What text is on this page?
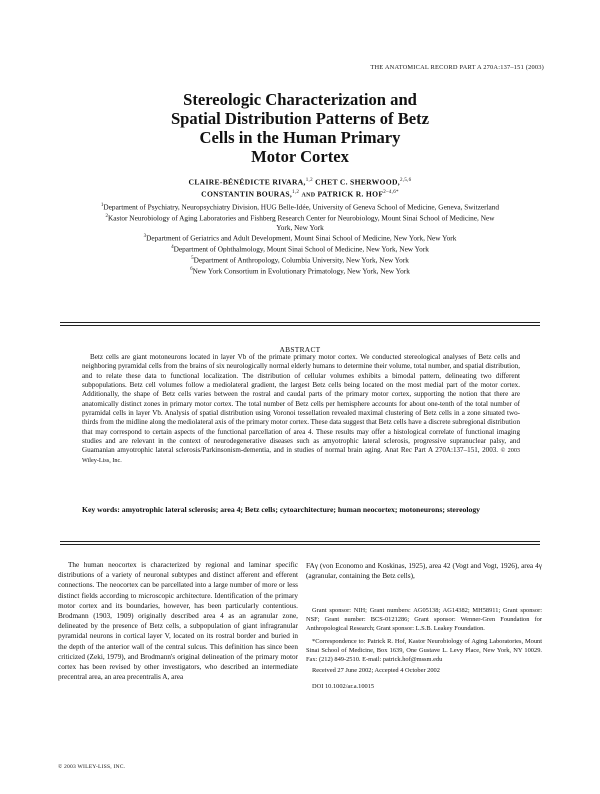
THE ANATOMICAL RECORD PART A 270A:137–151 (2003)
Stereologic Characterization and
Spatial Distribution Patterns of Betz
Cells in the Human Primary
Motor Cortex
CLAIRE-BÉNÉDICTE RIVARA,$^{1,2}$ CHET C. SHERWOOD,$^{2,5,6}$
CONSTANTIN BOURAS,$^{1,2}$ AND PATRICK R. $HOF^{2-4,6*}$
$^1$Department of Psychiatry, Neuropsychiatry Division, HUG Belle-Idée, University of Geneva School of Medicine, Geneva, Switzerland
$^2$Kastor Neurobiology of Aging Laboratories and Fishberg Research Center for Neurobiology, Mount Sinai School of Medicine, New York, New York
$^3$Department of Geriatrics and Adult Development, Mount Sinai School of Medicine, New York, New York
$^4$Department of Ophthalmology, Mount Sinai School of Medicine, New York, New York
$^5$Department of Anthropology, Columbia University, New York, New York
$^6$New York Consortium in Evolutionary Primatology, New York, New York
ABSTRACT
Betz cells are giant motoneurons located in layer Vb of the primate primary motor cortex. We conducted stereological analyses of Betz cells and neighboring pyramidal cells from the brains of six neurologically normal elderly humans to determine their volume, total number, and spatial distribution, and to relate these data to functional localization. The distribution of cellular volumes exhibits a bimodal pattern, delineating two different subpopulations. Betz cell volumes follow a mediolateral gradient, the largest Betz cells being located on the most medial part of the motor cortex. Additionally, the shape of Betz cells varies between the rostral and caudal parts of the primary motor cortex, supporting the notion that there are anatomically distinct zones in primary motor cortex. The total number of Betz cells per hemisphere accounts for about one-tenth of the total number of pyramidal cells in layer Vb. Analysis of spatial distribution using Voronoi tessellation revealed maximal clustering of Betz cells in a zone situated two-thirds from the midline along the mediolateral axis of the primary motor cortex. These data suggest that Betz cells have a discrete subregional distribution that may correspond to certain aspects of the functional parcellation of area 4. These results may offer a histological correlate of functional imaging studies and are relevant in the context of neurodegenerative diseases such as amyotrophic lateral sclerosis, progressive supranuclear palsy, and Guamanian amyotrophic lateral sclerosis/Parkinsonism-dementia, and in studies of normal brain aging. Anat Rec Part A 270A:137–151, 2003. © 2003 Wiley-Liss, Inc.
Key words: amyotrophic lateral sclerosis; area 4; Betz cells; cytoarchitecture; human neocortex; motoneurons; stereology
The human neocortex is characterized by regional and laminar specific distributions of a variety of neuronal subtypes and distinct afferent and efferent connections. The neocortex can be parcellated into a large number of more or less distinct fields according to microscopic architecture. Identification of the primary motor cortex and its boundaries, however, has been particularly contentious. Brodmann (1903, 1909) originally described area 4 as an agranular zone, delineated by the presence of Betz cells, a subpopulation of giant infragranular pyramidal neurons in cortical layer V, located on its rostral border and buried in the depth of the anterior wall of the central sulcus. This definition has since been criticized (Zeki, 1979), and Brodmann's original delineation of the primary motor cortex has been revised by other investigators, who described an intermediate precentral area, an area precentralis A, area
FAγ (von Economo and Koskinas, 1925), area 42 (Vogt and Vogt, 1926), area 4γ (agranular, containing the Betz cells),

Grant sponsor: NIH; Grant numbers: AG05138; AG14382; MH58911; Grant sponsor: NSF; Grant number: BCS-0121286; Grant sponsor: Wenner-Gren Foundation for Anthropological Research; Grant sponsor: L.S.B. Leakey Foundation.

*Correspondence to: Patrick R. Hof, Kastor Neurobiology of Aging Laboratories, Mount Sinai School of Medicine, Box 1639, One Gustave L. Levy Place, New York, NY 10029. Fax: (212) 849-2510. E-mail: patrick.hof@mssm.edu

Received 27 June 2002; Accepted 4 October 2002

DOI 10.1002/ar.a.10015

© 2003 WILEY-LISS, INC.
